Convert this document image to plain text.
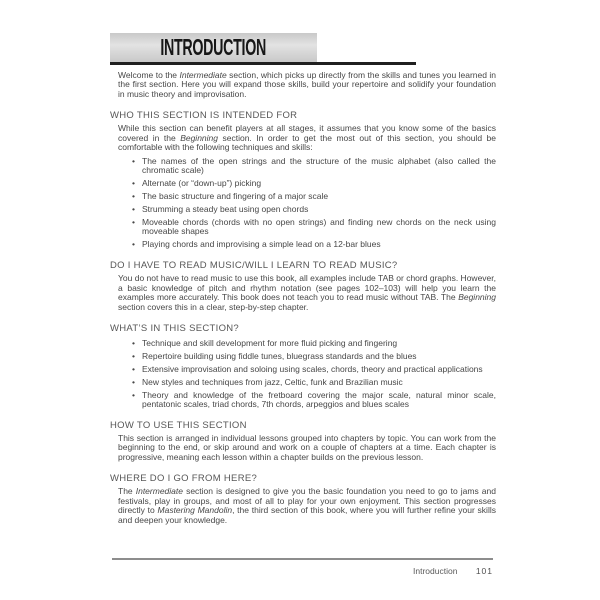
INTRODUCTION

Welcome to the Intermediate section, which picks up directly from the skills and tunes you learned in the first section. Here you will expand those skills, build your repertoire and solidify your foundation in music theory and improvisation.

WHO THIS SECTION IS INTENDED FOR

While this section can benefit players at all stages, it assumes that you know some of the basics covered in the Beginning section. In order to get the most out of this section, you should be comfortable with the following techniques and skills:

• The names of the open strings and the structure of the music alphabet (also called the chromatic scale)
• Alternate (or “down-up”) picking
• The basic structure and fingering of a major scale
• Strumming a steady beat using open chords
• Moveable chords (chords with no open strings) and finding new chords on the neck using moveable shapes
• Playing chords and improvising a simple lead on a 12-bar blues
DO I HAVE TO READ MUSIC/WILL I LEARN TO READ MUSIC?

You do not have to read music to use this book, all examples include TAB or chord graphs. However, a basic knowledge of pitch and rhythm notation (see pages 102–103) will help you learn the examples more accurately. This book does not teach you to read music without TAB. The Beginning section covers this in a clear, step-by-step chapter.

WHAT’S IN THIS SECTION?
• Technique and skill development for more fluid picking and fingering
• Repertoire building using fiddle tunes, bluegrass standards and the blues
• Extensive improvisation and soloing using scales, chords, theory and practical applications
• New styles and techniques from jazz, Celtic, funk and Brazilian music
• Theory and knowledge of the fretboard covering the major scale, natural minor scale, pentatonic scales, triad chords, 7th chords, arpeggios and blues scales
HOW TO USE THIS SECTION

This section is arranged in individual lessons grouped into chapters by topic. You can work from the beginning to the end, or skip around and work on a couple of chapters at a time. Each chapter is progressive, meaning each lesson within a chapter builds on the previous lesson.

WHERE DO I GO FROM HERE?

The Intermediate section is designed to give you the basic foundation you need to go to jams and festivals, play in groups, and most of all to play for your own enjoyment. This section progresses directly to Mastering Mandolin, the third section of this book, where you will further refine your skills and deepen your knowledge.

Introduction 101
